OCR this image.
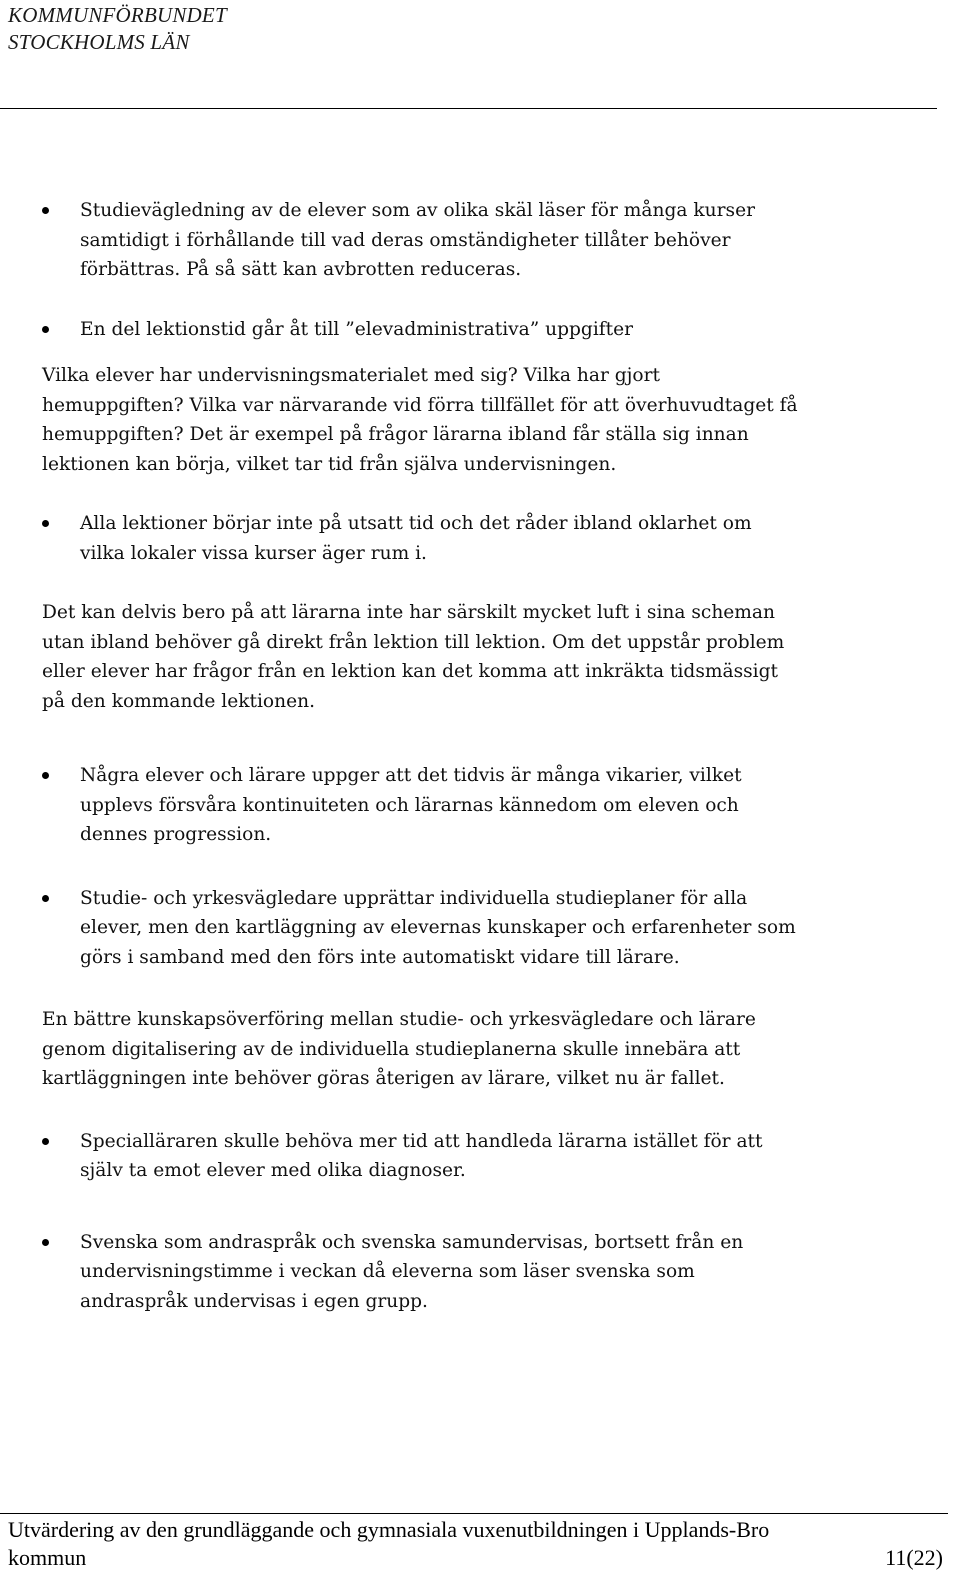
KOMMUNFÖRBUNDET
STOCKHOLMS LÄN
Studievägledning av de elever som av olika skäl läser för många kurser samtidigt i förhållande till vad deras omständigheter tillåter behöver förbättras. På så sätt kan avbrotten reduceras.
En del lektionstid går åt till ”elevadministrativa” uppgifter

Vilka elever har undervisningsmaterialet med sig? Vilka har gjort hemuppgiften? Vilka var närvarande vid förra tillfället för att överhuvudtaget få hemuppgiften? Det är exempel på frågor lärarna ibland får ställa sig innan lektionen kan börja, vilket tar tid från själva undervisningen.

Alla lektioner börjar inte på utsatt tid och det råder ibland oklarhet om vilka lokaler vissa kurser äger rum i.

Det kan delvis bero på att lärarna inte har särskilt mycket luft i sina scheman utan ibland behöver gå direkt från lektion till lektion. Om det uppstår problem eller elever har frågor från en lektion kan det komma att inkräkta tidsmässigt på den kommande lektionen.

Några elever och lärare uppger att det tidvis är många vikarier, vilket upplevs försvåra kontinuiteten och lärarnas kännedom om eleven och dennes progression.
Studie- och yrkesvägledare upprättar individuella studieplaner för alla elever, men den kartläggning av elevernas kunskaper och erfarenheter som görs i samband med den förs inte automatiskt vidare till lärare.

En bättre kunskapsöverföring mellan studie- och yrkesvägledare och lärare genom digitalisering av de individuella studieplanerna skulle innebära att kartläggningen inte behöver göras återigen av lärare, vilket nu är fallet.

Specialläraren skulle behöva mer tid att handleda lärarna istället för att själv ta emot elever med olika diagnoser.
Svenska som andraspråk och svenska samundervisas, bortsett från en undervisningstimme i veckan då eleverna som läser svenska som andraspråk undervisas i egen grupp.
Utvärdering av den grundläggande och gymnasiala vuxenutbildningen i Upplands-Bro
kommun	11(22)
